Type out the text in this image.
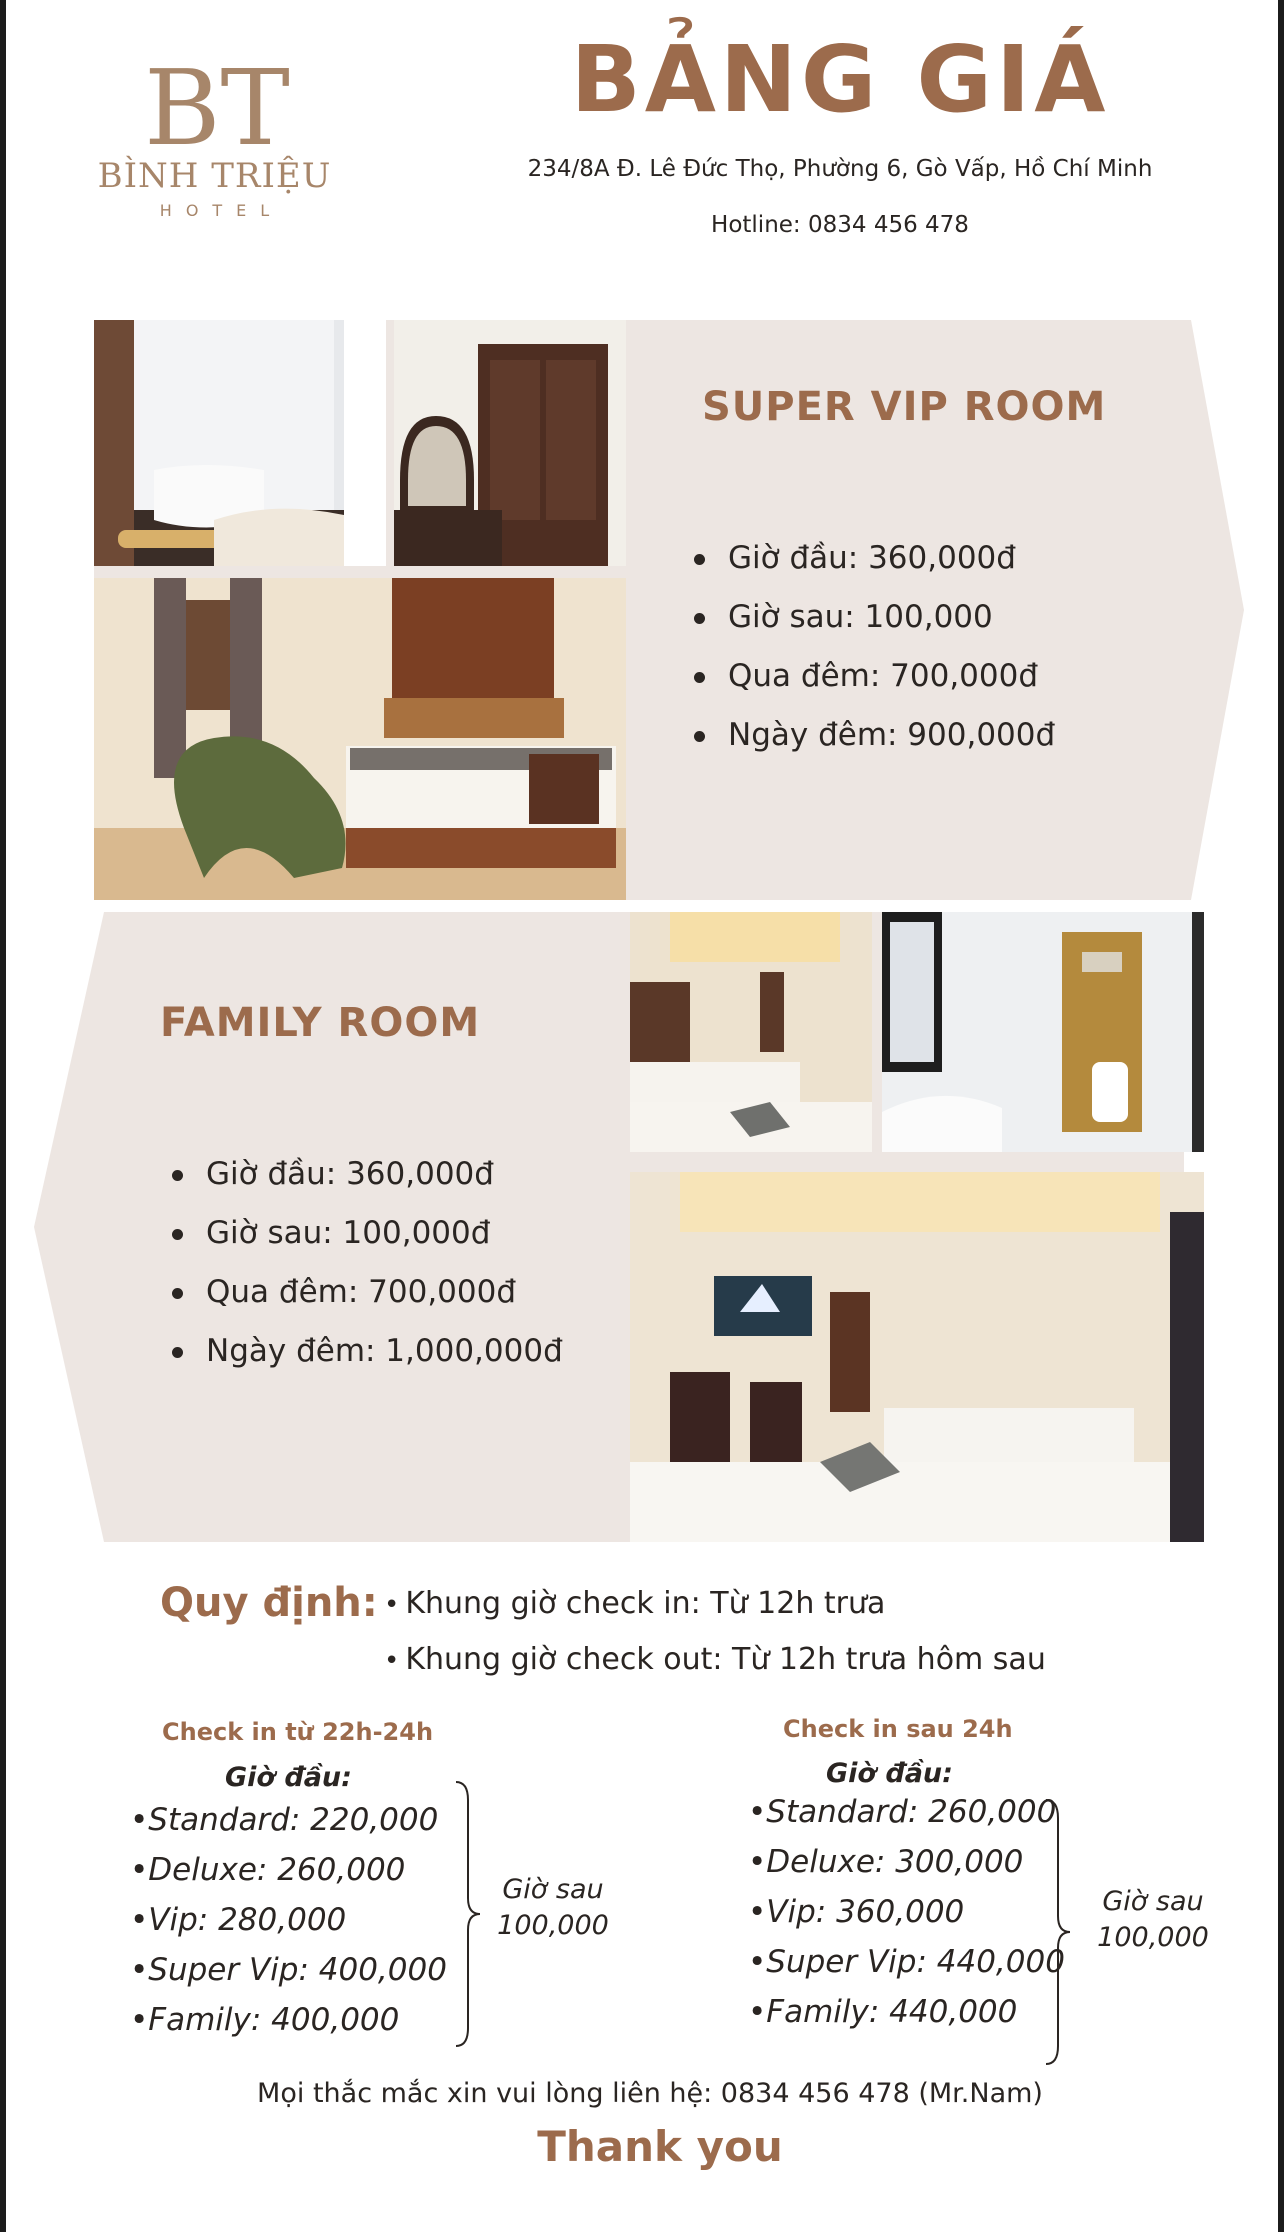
BT
BÌNH TRIỆU
HOTEL
BẢNG GIÁ
234/8A Đ. Lê Đức Thọ, Phường 6, Gò Vấp, Hồ Chí Minh
Hotline: 0834 456 478
SUPER VIP ROOM
Giờ đầu: 360,000đ
Giờ sau: 100,000
Qua đêm: 700,000đ
Ngày đêm: 900,000đ
FAMILY ROOM
Giờ đầu: 360,000đ
Giờ sau: 100,000đ
Qua đêm: 700,000đ
Ngày đêm: 1,000,000đ
Quy định: • Khung giờ check in: Từ 12h trưa
• Khung giờ check out: Từ 12h trưa hôm sau
Check in từ 22h-24h
Giờ đầu:
•Standard: 220,000
•Deluxe: 260,000
•Vip: 280,000
•Super Vip: 400,000
•Family: 400,000
Giờ sau
100,000
Check in sau 24h
Giờ đầu:
•Standard: 260,000
•Deluxe: 300,000
•Vip: 360,000
•Super Vip: 440,000
•Family: 440,000
Giờ sau
100,000
Mọi thắc mắc xin vui lòng liên hệ: 0834 456 478 (Mr.Nam)
Thank you
